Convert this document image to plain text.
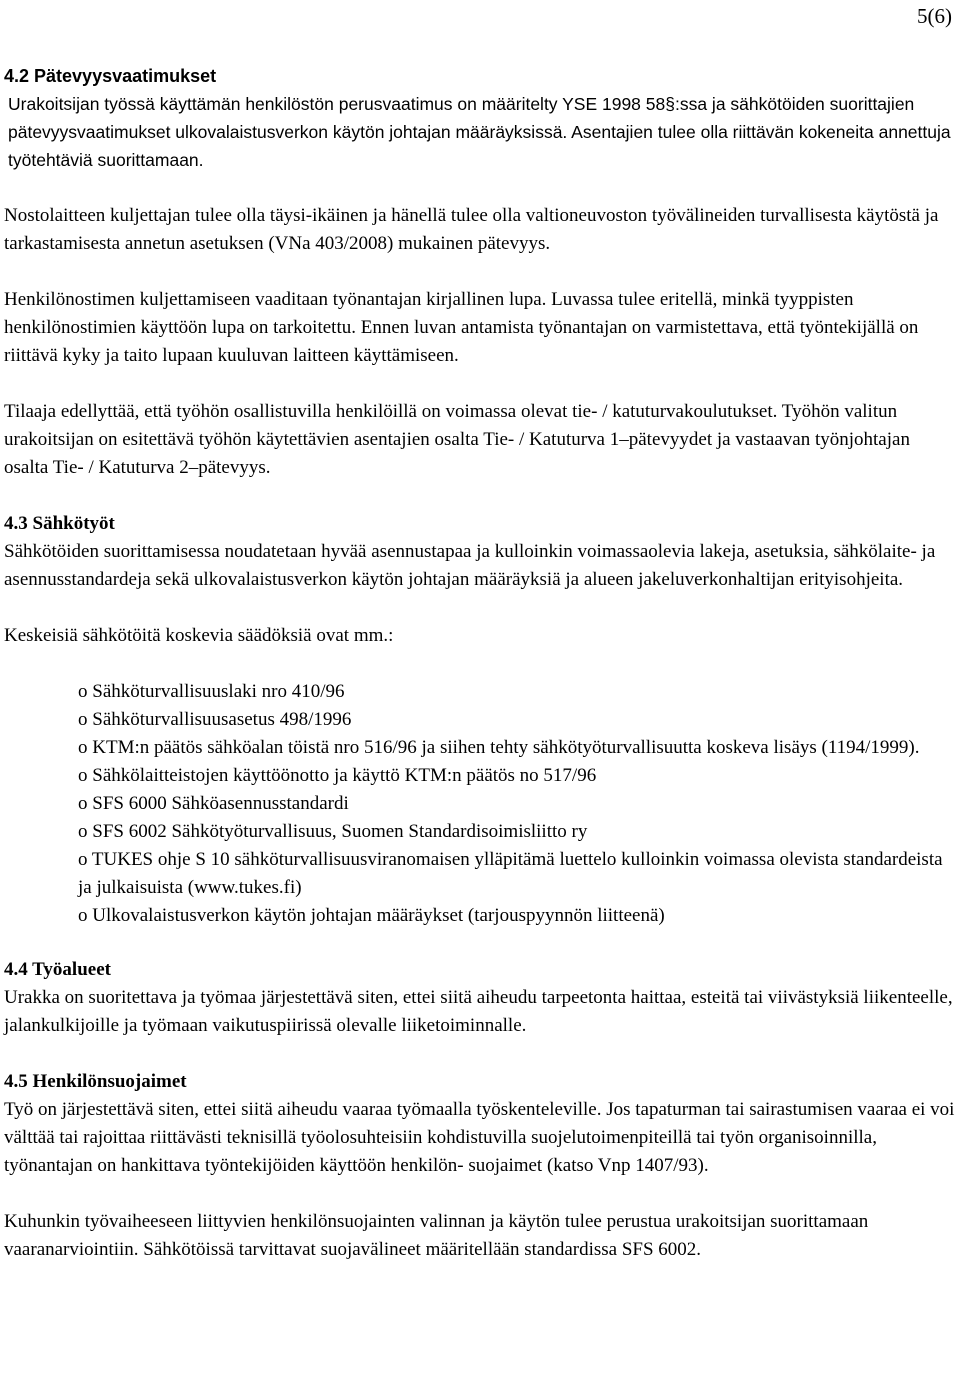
5(6)
4.2 Pätevyysvaatimukset

Urakoitsijan työssä käyttämän henkilöstön perusvaatimus on määritelty YSE 1998 58§:ssa ja sähkötöiden suorittajien pätevyysvaatimukset ulkovalaistusverkon käytön johtajan määräyksissä. Asentajien tulee olla riittävän kokeneita annettuja työtehtäviä suorittamaan.

Nostolaitteen kuljettajan tulee olla täysi-ikäinen ja hänellä tulee olla valtioneuvoston työvälineiden turvallisesta käytöstä ja tarkastamisesta annetun asetuksen (VNa 403/2008) mukainen pätevyys.

Henkilönostimen kuljettamiseen vaaditaan työnantajan kirjallinen lupa. Luvassa tulee eritellä, minkä tyyppisten henkilönostimien käyttöön lupa on tarkoitettu. Ennen luvan antamista työnantajan on varmistettava, että työntekijällä on riittävä kyky ja taito lupaan kuuluvan laitteen käyttämiseen.

Tilaaja edellyttää, että työhön osallistuvilla henkilöillä on voimassa olevat tie- / katuturvakoulutukset. Työhön valitun urakoitsijan on esitettävä työhön käytettävien asentajien osalta Tie- / Katuturva 1–pätevyydet ja vastaavan työnjohtajan osalta Tie- / Katuturva 2–pätevyys.

4.3 Sähkötyöt

Sähkötöiden suorittamisessa noudatetaan hyvää asennustapaa ja kulloinkin voimassaolevia lakeja, asetuksia, sähkölaite- ja asennusstandardeja sekä ulkovalaistusverkon käytön johtajan määräyksiä ja alueen jakeluverkonhaltijan erityisohjeita.

Keskeisiä sähkötöitä koskevia säädöksiä ovat mm.:

o Sähköturvallisuuslaki nro 410/96
o Sähköturvallisuusasetus 498/1996
o KTM:n päätös sähköalan töistä nro 516/96 ja siihen tehty sähkötyöturvallisuutta koskeva lisäys (1194/1999).
o Sähkölaitteistojen käyttöönotto ja käyttö KTM:n päätös no 517/96
o SFS 6000 Sähköasennusstandardi
o SFS 6002 Sähkötyöturvallisuus, Suomen Standardisoimisliitto ry
o TUKES ohje S 10 sähköturvallisuusviranomaisen ylläpitämä luettelo kulloinkin voimassa olevista standardeista ja julkaisuista (www.tukes.fi)
o Ulkovalaistusverkon käytön johtajan määräykset (tarjouspyynnön liitteenä)
4.4 Työalueet

Urakka on suoritettava ja työmaa järjestettävä siten, ettei siitä aiheudu tarpeetonta haittaa, esteitä tai viivästyksiä liikenteelle, jalankulkijoille ja työmaan vaikutuspiirissä olevalle liiketoiminnalle.

4.5 Henkilönsuojaimet

Työ on järjestettävä siten, ettei siitä aiheudu vaaraa työmaalla työskenteleville. Jos tapaturman tai sairastumisen vaaraa ei voi välttää tai rajoittaa riittävästi teknisillä työolosuhteisiin kohdistuvilla suojelutoimenpiteillä tai työn organisoinnilla, työnantajan on hankittava työntekijöiden käyttöön henkilön- suojaimet (katso Vnp 1407/93).

Kuhunkin työvaiheeseen liittyvien henkilönsuojainten valinnan ja käytön tulee perustua urakoitsijan suorittamaan vaaranarviointiin. Sähkötöissä tarvittavat suojavälineet määritellään standardissa SFS 6002.
